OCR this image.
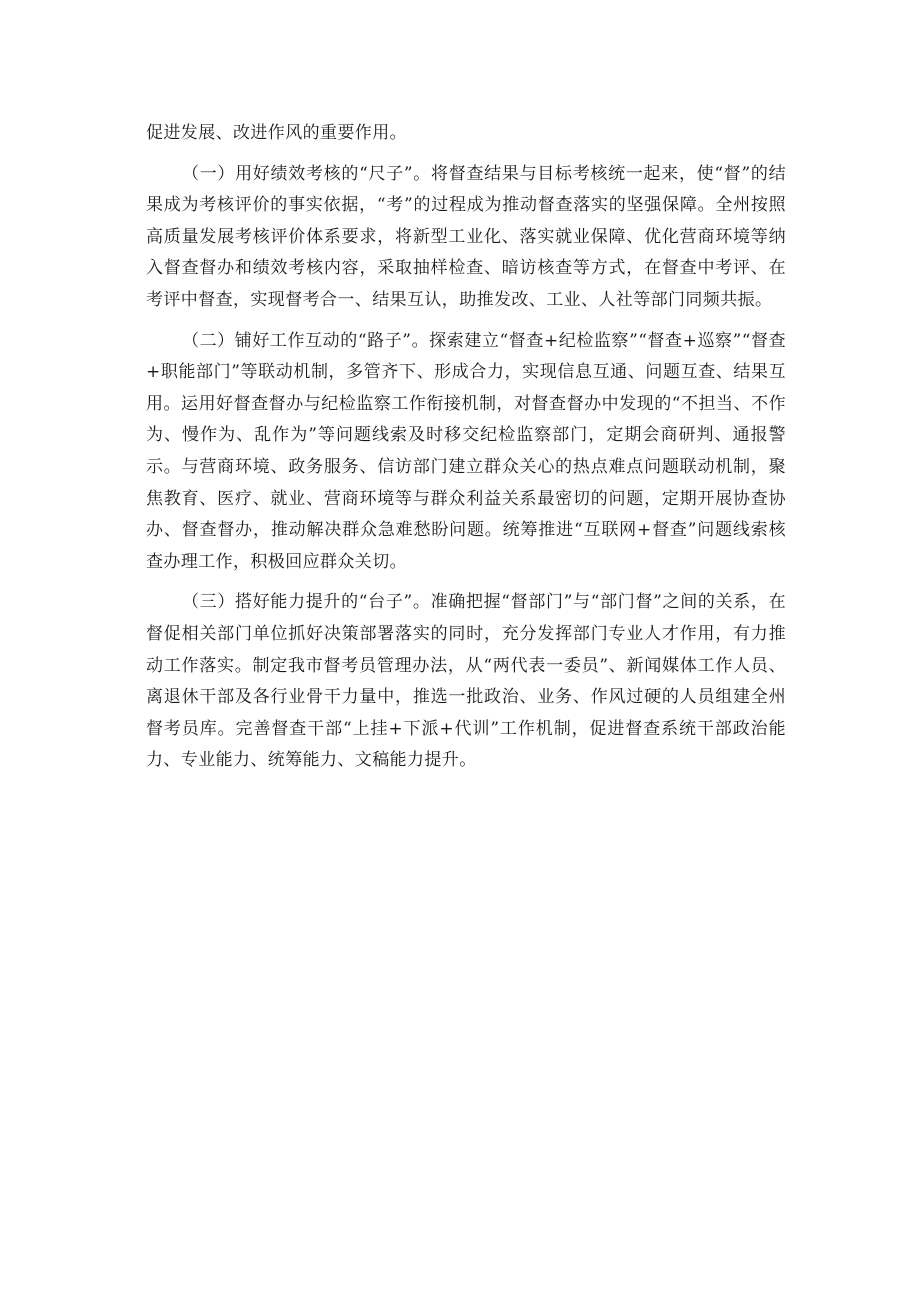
促进发展、改进作风的重要作用。

（一）用好绩效考核的“尺子”。将督查结果与目标考核统一起来，使“督”的结果成为考核评价的事实依据，“考”的过程成为推动督查落实的坚强保障。全州按照高质量发展考核评价体系要求，将新型工业化、落实就业保障、优化营商环境等纳入督查督办和绩效考核内容，采取抽样检查、暗访核查等方式，在督查中考评、在考评中督查，实现督考合一、结果互认，助推发改、工业、人社等部门同频共振。

（二）铺好工作互动的“路子”。探索建立“督查+纪检监察”“督查+巡察”“督查+职能部门”等联动机制，多管齐下、形成合力，实现信息互通、问题互查、结果互用。运用好督查督办与纪检监察工作衔接机制，对督查督办中发现的“不担当、不作为、慢作为、乱作为”等问题线索及时移交纪检监察部门，定期会商研判、通报警示。与营商环境、政务服务、信访部门建立群众关心的热点难点问题联动机制，聚焦教育、医疗、就业、营商环境等与群众利益关系最密切的问题，定期开展协查协办、督查督办，推动解决群众急难愁盼问题。统筹推进“互联网+督查”问题线索核查办理工作，积极回应群众关切。

（三）搭好能力提升的“台子”。准确把握“督部门”与“部门督”之间的关系，在督促相关部门单位抓好决策部署落实的同时，充分发挥部门专业人才作用，有力推动工作落实。制定我市督考员管理办法，从“两代表一委员”、新闻媒体工作人员、离退休干部及各行业骨干力量中，推选一批政治、业务、作风过硬的人员组建全州督考员库。完善督查干部“上挂+下派+代训”工作机制，促进督查系统干部政治能力、专业能力、统筹能力、文稿能力提升。
